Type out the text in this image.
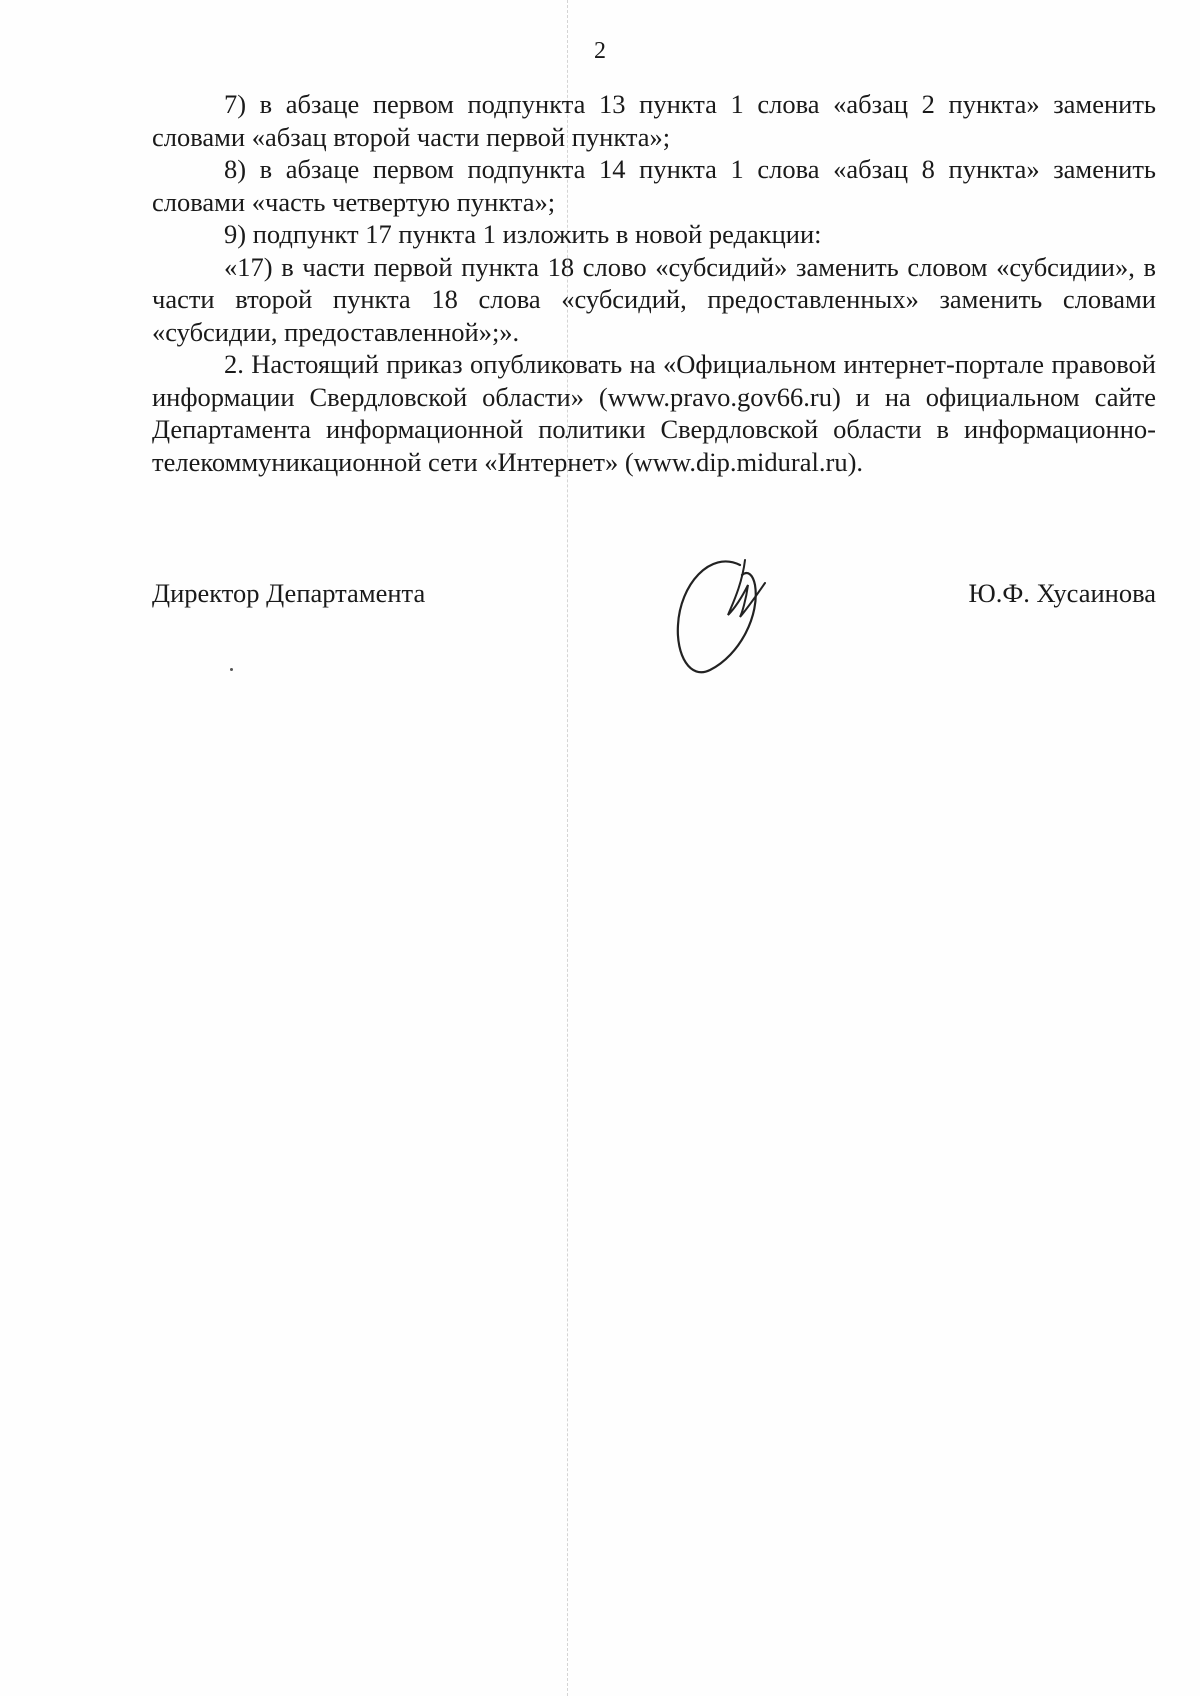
2

7) в абзаце первом подпункта 13 пункта 1 слова «абзац 2 пункта» заменить словами «абзац второй части первой пункта»;

8) в абзаце первом подпункта 14 пункта 1 слова «абзац 8 пункта» заменить словами «часть четвертую пункта»;

9) подпункт 17 пункта 1 изложить в новой редакции:

«17) в части первой пункта 18 слово «субсидий» заменить словом «субсидии», в части второй пункта 18 слова «субсидий, предоставленных» заменить словами «субсидии, предоставленной»;».

2. Настоящий приказ опубликовать на «Официальном интернет-портале правовой информации Свердловской области» (www.pravo.gov66.ru) и на официальном сайте Департамента информационной политики Свердловской области в информационно-телекоммуникационной сети «Интернет» (www.dip.midural.ru).

Директор Департамента	Ю.Ф. Хусаинова
